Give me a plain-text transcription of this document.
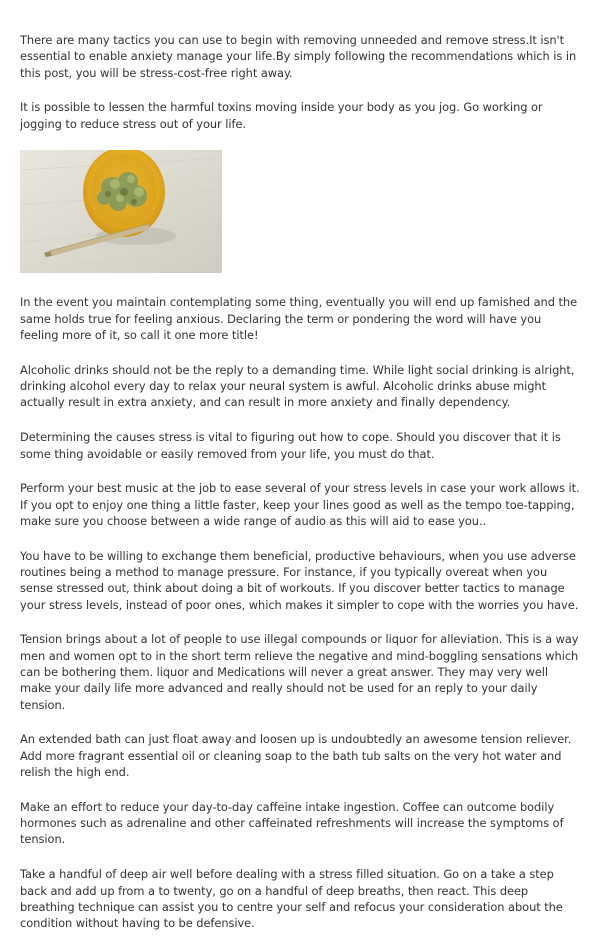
There are many tactics you can use to begin with removing unneeded and remove stress.It isn't essential to enable anxiety manage your life.By simply following the recommendations which is in this post, you will be stress-cost-free right away.

It is possible to lessen the harmful toxins moving inside your body as you jog. Go working or jogging to reduce stress out of your life.

In the event you maintain contemplating some thing, eventually you will end up famished and the same holds true for feeling anxious. Declaring the term or pondering the word will have you feeling more of it, so call it one more title!

Alcoholic drinks should not be the reply to a demanding time. While light social drinking is alright, drinking alcohol every day to relax your neural system is awful. Alcoholic drinks abuse might actually result in extra anxiety, and can result in more anxiety and finally dependency.

Determining the causes stress is vital to figuring out how to cope. Should you discover that it is some thing avoidable or easily removed from your life, you must do that.

Perform your best music at the job to ease several of your stress levels in case your work allows it. If you opt to enjoy one thing a little faster, keep your lines good as well as the tempo toe-tapping, make sure you choose between a wide range of audio as this will aid to ease you..

You have to be willing to exchange them beneficial, productive behaviours, when you use adverse routines being a method to manage pressure. For instance, if you typically overeat when you sense stressed out, think about doing a bit of workouts. If you discover better tactics to manage your stress levels, instead of poor ones, which makes it simpler to cope with the worries you have.

Tension brings about a lot of people to use illegal compounds or liquor for alleviation. This is a way men and women opt to in the short term relieve the negative and mind-boggling sensations which can be bothering them. liquor and Medications will never a great answer. They may very well make your daily life more advanced and really should not be used for an reply to your daily tension.

An extended bath can just float away and loosen up is undoubtedly an awesome tension reliever. Add more fragrant essential oil or cleaning soap to the bath tub salts on the very hot water and relish the high end.

Make an effort to reduce your day-to-day caffeine intake ingestion. Coffee can outcome bodily hormones such as adrenaline and other caffeinated refreshments will increase the symptoms of tension.

Take a handful of deep air well before dealing with a stress filled situation. Go on a take a step back and add up from a to twenty, go on a handful of deep breaths, then react. This deep breathing technique can assist you to centre your self and refocus your consideration about the condition without having to be defensive.
